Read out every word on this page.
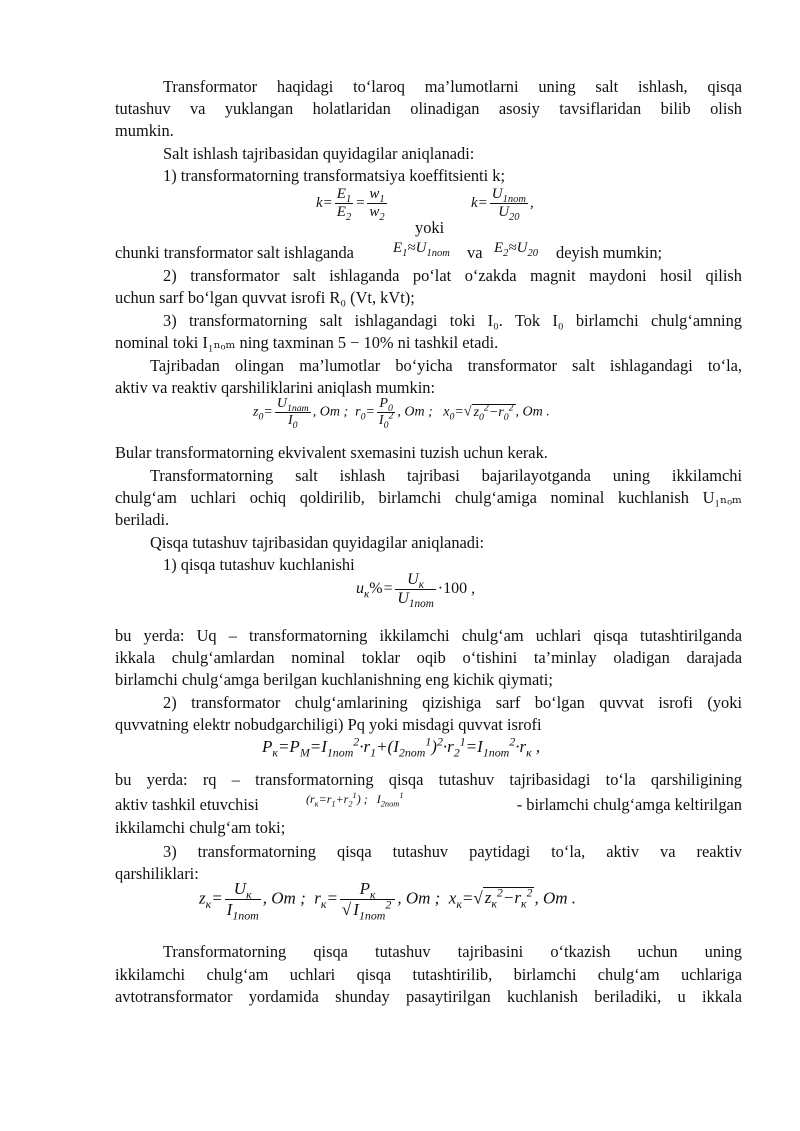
Transformator haqidagi to‘laroq ma’lumotlarni uning salt ishlash, qisqa
tutashuv va yuklangan holatlaridan olinadigan asosiy tavsiflaridan bilib olish
mumkin.
Salt ishlash tajribasidan quyidagilar aniqlanadi:
1) transformatorning transformatsiya koeffitsienti k;
$k= \frac{E_1}{E_2} = \frac{w_1}{w_2}$
yoki
$k= \frac{U_{1nom}}{U_{20}}$ ,
chunki transformator salt ishlaganda	$E_1\approx U_{1nom}$ va $E_2\approx U_{20}$ deyish mumkin;
2) transformator salt ishlaganda po‘lat o‘zakda magnit maydoni hosil qilish
uchun sarf bo‘lgan quvvat isrofi R₀ (Vt, kVt);
3) transformatorning salt ishlagandagi toki I₀. Tok I₀ birlamchi chulg‘amning
nominal toki I₁ₙₒₘ ning taxminan 5 − 10% ni tashkil etadi.
Tajribadan olingan ma’lumotlar bo‘yicha transformator salt ishlagandagi to‘la,
aktiv va reaktiv qarshiliklarini aniqlash mumkin:
$z_0= \frac{U_{1nam}}{I_0}$ , Om ;  $r_0= \frac{P_0}{I_0^2}$ , Om ;   $x_0=√$ $z_0^2-r_0^2$ , Om .
Bular transformatorning ekvivalent sxemasini tuzish uchun kerak.
Transformatorning salt ishlash tajribasi bajarilayotganda uning ikkilamchi
chulg‘am uchlari ochiq qoldirilib, birlamchi chulg‘amiga nominal kuchlanish U₁ₙₒₘ
beriladi.
Qisqa tutashuv tajribasidan quyidagilar aniqlanadi:
1) qisqa tutashuv kuchlanishi
$u_к\%= \frac{U_к}{U_{1nom}} \cdot 100$ ,
bu yerda: Uq – transformatorning ikkilamchi chulg‘am uchlari qisqa tutashtirilganda
ikkala chulg‘amlardan nominal toklar oqib o‘tishini ta’minlay oladigan darajada
birlamchi chulg‘amga berilgan kuchlanishning eng kichik qiymati;
2) transformator chulg‘amlarining qizishiga sarf bo‘lgan quvvat isrofi (yoki
quvvatning elektr nobudgarchiligi) Pq yoki misdagi quvvat isrofi
$P_к=P_M=I_{1nom}^2\cdot r_1+(I_{2nom}^1)^2\cdot r_2^1=I_{1nom}^2\cdot r_к$ ,
bu yerda: rq – transformatorning qisqa tutashuv tajribasidagi to‘la qarshiligining
aktiv tashkil etuvchisi	$(r_к=r_1+r_2^1)$ ;   $I_{2nom}^1$	- birlamchi chulg‘amga keltirilgan
ikkilamchi chulg‘am toki;
3) transformatorning qisqa tutashuv paytidagi to‘la, aktiv va reaktiv
qarshiliklari:
$z_к= \frac{U_к}{I_{1nom}}$ , Om ;  $r_к= \frac{P_к}{√ I_{1nom}^2}$ , Om ;  $x_к=√$ $z_к^2-r_к^2$ , Om .
Transformatorning qisqa tutashuv tajribasini o‘tkazish uchun uning
ikkilamchi chulg‘am uchlari qisqa tutashtirilib, birlamchi chulg‘am uchlariga
avtotransformator yordamida shunday pasaytirilgan kuchlanish beriladiki, u ikkala
